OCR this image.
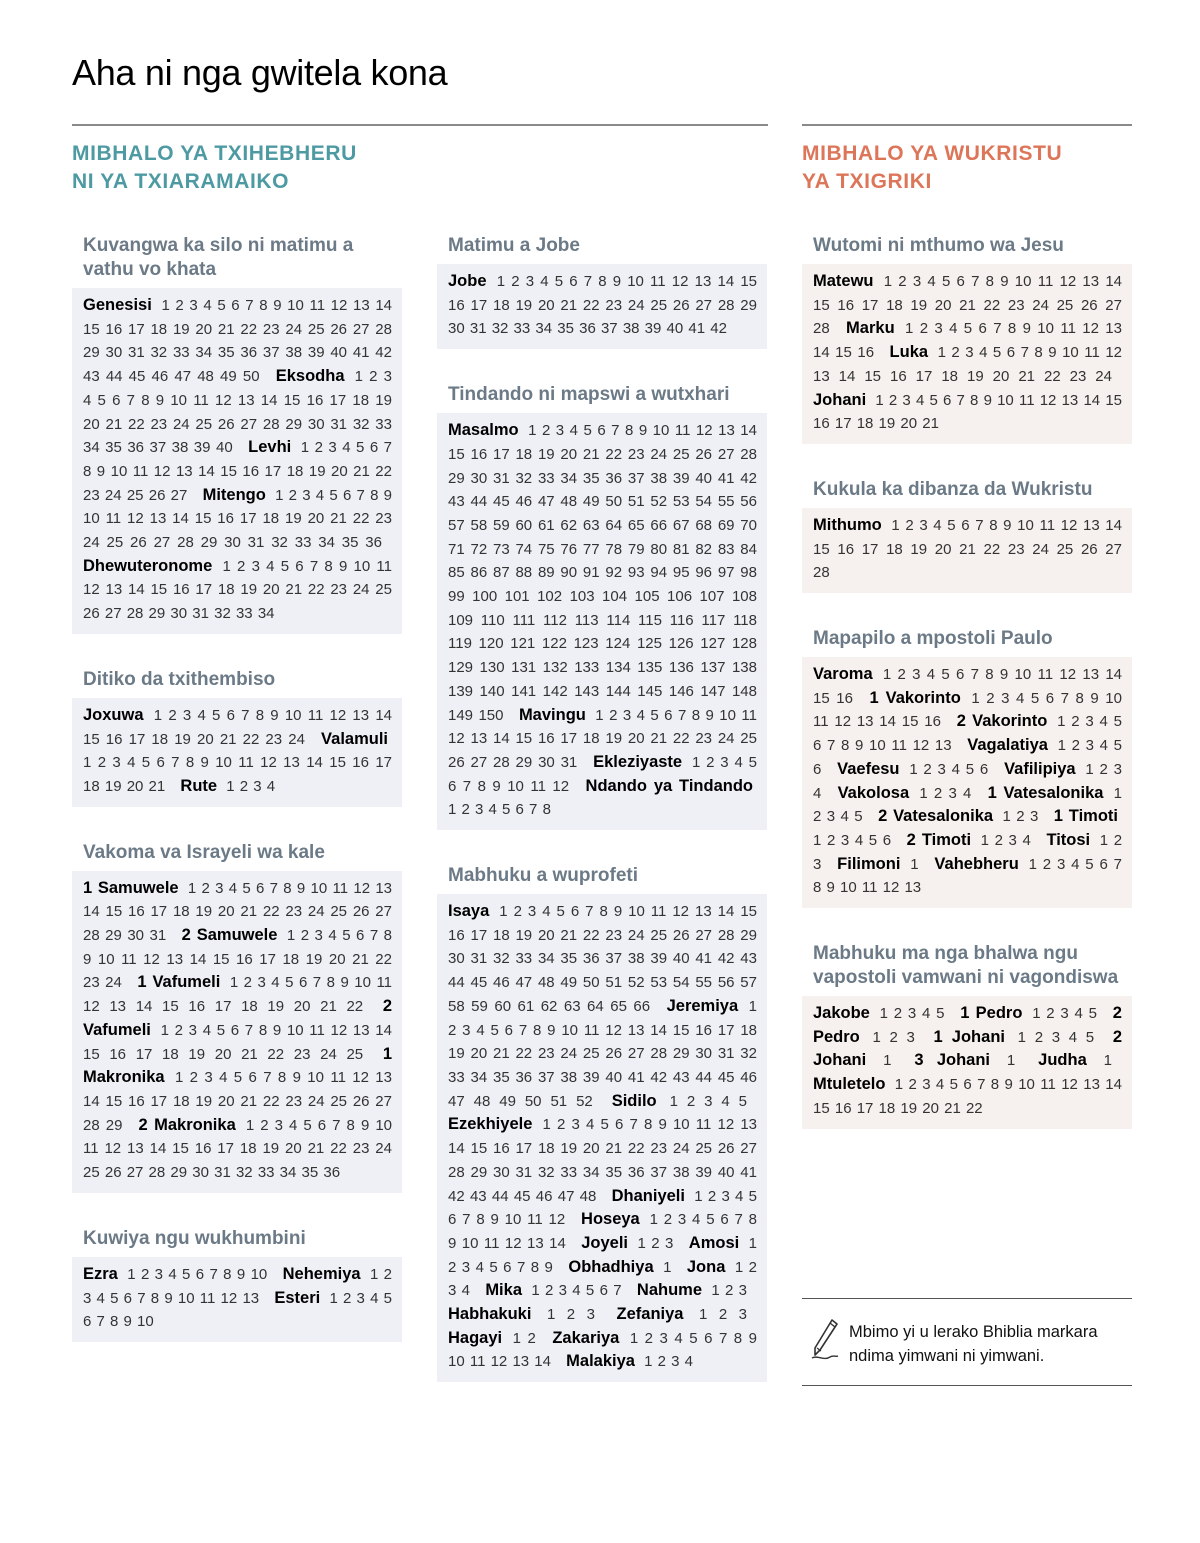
Aha ni nga gwitela kona
MIBHALO YA TXIHEBHERU
NI YA TXIARAMAIKO
MIBHALO YA WUKRISTU
YA TXIGRIKI
Kuvangwa ka silo ni matimu a vathu vo khata
Genesisi 1 2 3 4 5 6 7 8 9 10 11 12 13 14 15 16 17 18 19 20 21 22 23 24 25 26 27 28 29 30 31 32 33 34 35 36 37 38 39 40 41 42 43 44 45 46 47 48 49 50 Eksodha 1 2 3 4 5 6 7 8 9 10 11 12 13 14 15 16 17 18 19 20 21 22 23 24 25 26 27 28 29 30 31 32 33 34 35 36 37 38 39 40 Levhi 1 2 3 4 5 6 7 8 9 10 11 12 13 14 15 16 17 18 19 20 21 22 23 24 25 26 27 Mitengo 1 2 3 4 5 6 7 8 9 10 11 12 13 14 15 16 17 18 19 20 21 22 23 24 25 26 27 28 29 30 31 32 33 34 35 36 Dhewuteronome 1 2 3 4 5 6 7 8 9 10 11 12 13 14 15 16 17 18 19 20 21 22 23 24 25 26 27 28 29 30 31 32 33 34
Ditiko da txithembiso
Joxuwa 1 2 3 4 5 6 7 8 9 10 11 12 13 14 15 16 17 18 19 20 21 22 23 24 Valamuli 1 2 3 4 5 6 7 8 9 10 11 12 13 14 15 16 17 18 19 20 21 Rute 1 2 3 4
Vakoma va Israyeli wa kale
1 Samuwele 1 2 3 4 5 6 7 8 9 10 11 12 13 14 15 16 17 18 19 20 21 22 23 24 25 26 27 28 29 30 31 2 Samuwele 1 2 3 4 5 6 7 8 9 10 11 12 13 14 15 16 17 18 19 20 21 22 23 24 1 Vafumeli 1 2 3 4 5 6 7 8 9 10 11 12 13 14 15 16 17 18 19 20 21 22 2 Vafumeli 1 2 3 4 5 6 7 8 9 10 11 12 13 14 15 16 17 18 19 20 21 22 23 24 25 1 Makronika 1 2 3 4 5 6 7 8 9 10 11 12 13 14 15 16 17 18 19 20 21 22 23 24 25 26 27 28 29 2 Makronika 1 2 3 4 5 6 7 8 9 10 11 12 13 14 15 16 17 18 19 20 21 22 23 24 25 26 27 28 29 30 31 32 33 34 35 36
Kuwiya ngu wukhumbini
Ezra 1 2 3 4 5 6 7 8 9 10 Nehemiya 1 2 3 4 5 6 7 8 9 10 11 12 13 Esteri 1 2 3 4 5 6 7 8 9 10
Matimu a Jobe
Jobe 1 2 3 4 5 6 7 8 9 10 11 12 13 14 15 16 17 18 19 20 21 22 23 24 25 26 27 28 29 30 31 32 33 34 35 36 37 38 39 40 41 42
Tindando ni mapswi a wutxhari
Masalmo 1 2 3 4 5 6 7 8 9 10 11 12 13 14 15 16 17 18 19 20 21 22 23 24 25 26 27 28 29 30 31 32 33 34 35 36 37 38 39 40 41 42 43 44 45 46 47 48 49 50 51 52 53 54 55 56 57 58 59 60 61 62 63 64 65 66 67 68 69 70 71 72 73 74 75 76 77 78 79 80 81 82 83 84 85 86 87 88 89 90 91 92 93 94 95 96 97 98 99 100 101 102 103 104 105 106 107 108 109 110 111 112 113 114 115 116 117 118 119 120 121 122 123 124 125 126 127 128 129 130 131 132 133 134 135 136 137 138 139 140 141 142 143 144 145 146 147 148 149 150 Mavingu 1 2 3 4 5 6 7 8 9 10 11 12 13 14 15 16 17 18 19 20 21 22 23 24 25 26 27 28 29 30 31 Ekleziyaste 1 2 3 4 5 6 7 8 9 10 11 12 Ndando ya Tindando 1 2 3 4 5 6 7 8
Mabhuku a wuprofeti
Isaya 1 2 3 4 5 6 7 8 9 10 11 12 13 14 15 16 17 18 19 20 21 22 23 24 25 26 27 28 29 30 31 32 33 34 35 36 37 38 39 40 41 42 43 44 45 46 47 48 49 50 51 52 53 54 55 56 57 58 59 60 61 62 63 64 65 66 Jeremiya 1 2 3 4 5 6 7 8 9 10 11 12 13 14 15 16 17 18 19 20 21 22 23 24 25 26 27 28 29 30 31 32 33 34 35 36 37 38 39 40 41 42 43 44 45 46 47 48 49 50 51 52 Sidilo 1 2 3 4 5 Ezekhiyele 1 2 3 4 5 6 7 8 9 10 11 12 13 14 15 16 17 18 19 20 21 22 23 24 25 26 27 28 29 30 31 32 33 34 35 36 37 38 39 40 41 42 43 44 45 46 47 48 Dhaniyeli 1 2 3 4 5 6 7 8 9 10 11 12 Hoseya 1 2 3 4 5 6 7 8 9 10 11 12 13 14 Joyeli 1 2 3 Amosi 1 2 3 4 5 6 7 8 9 Obhadhiya 1 Jona 1 2 3 4 Mika 1 2 3 4 5 6 7 Nahume 1 2 3 Habhakuki 1 2 3 Zefaniya 1 2 3 Hagayi 1 2 Zakariya 1 2 3 4 5 6 7 8 9 10 11 12 13 14 Malakiya 1 2 3 4
Wutomi ni mthumo wa Jesu
Matewu 1 2 3 4 5 6 7 8 9 10 11 12 13 14 15 16 17 18 19 20 21 22 23 24 25 26 27 28 Marku 1 2 3 4 5 6 7 8 9 10 11 12 13 14 15 16 Luka 1 2 3 4 5 6 7 8 9 10 11 12 13 14 15 16 17 18 19 20 21 22 23 24 Johani 1 2 3 4 5 6 7 8 9 10 11 12 13 14 15 16 17 18 19 20 21
Kukula ka dibanza da Wukristu
Mithumo 1 2 3 4 5 6 7 8 9 10 11 12 13 14 15 16 17 18 19 20 21 22 23 24 25 26 27 28
Mapapilo a mpostoli Paulo
Varoma 1 2 3 4 5 6 7 8 9 10 11 12 13 14 15 16 1 Vakorinto 1 2 3 4 5 6 7 8 9 10 11 12 13 14 15 16 2 Vakorinto 1 2 3 4 5 6 7 8 9 10 11 12 13 Vagalatiya 1 2 3 4 5 6 Vaefesu 1 2 3 4 5 6 Vafilipiya 1 2 3 4 Vakolosa 1 2 3 4 1 Vatesalonika 1 2 3 4 5 2 Vatesalonika 1 2 3 1 Timoti 1 2 3 4 5 6 2 Timoti 1 2 3 4 Titosi 1 2 3 Filimoni 1 Vahebheru 1 2 3 4 5 6 7 8 9 10 11 12 13
Mabhuku ma nga bhalwa ngu vapostoli vamwani ni vagondiswa
Jakobe 1 2 3 4 5 1 Pedro 1 2 3 4 5 2 Pedro 1 2 3 1 Johani 1 2 3 4 5 2 Johani 1 3 Johani 1 Judha 1 Mtuletelo 1 2 3 4 5 6 7 8 9 10 11 12 13 14 15 16 17 18 19 20 21 22

Mbimo yi u lerako Bhiblia markara ndima yimwani ni yimwani.
